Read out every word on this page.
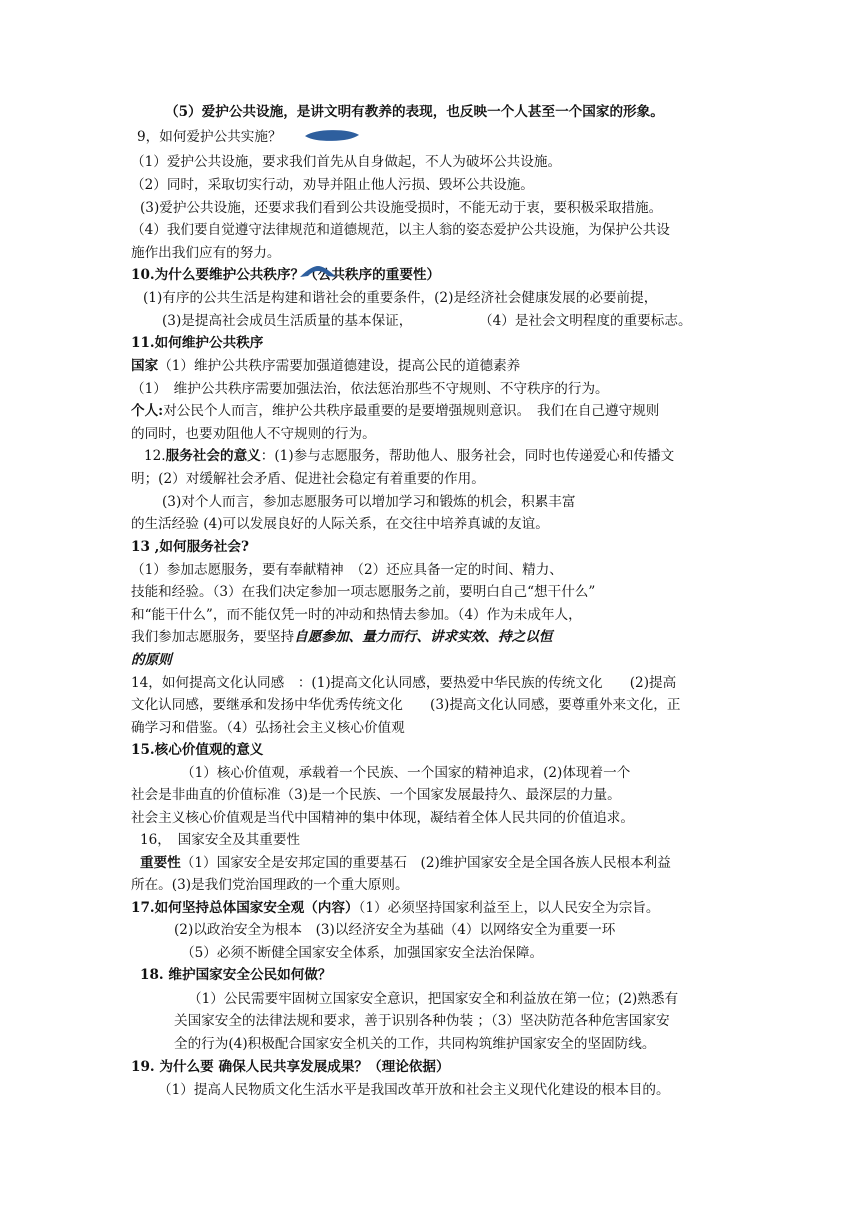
（5）爱护公共设施，是讲文明有教养的表现，也反映一个人甚至一个国家的形象。
9，如何爱护公共实施？
（1）爱护公共设施，要求我们首先从自身做起，不人为破坏公共设施。
（2）同时，采取切实行动，劝导并阻止他人污损、毁坏公共设施。
(3)爱护公共设施，还要求我们看到公共设施受损时，不能无动于衷，要积极采取措施。
（4）我们要自觉遵守法律规范和道德规范，以主人翁的姿态爱护公共设施，为保护公共设
施作出我们应有的努力。
10.为什么要维护公共秩序？（公共秩序的重要性）
(1)有序的公共生活是构建和谐社会的重要条件，(2)是经济社会健康发展的必要前提，
(3)是提高社会成员生活质量的基本保证，	（4）是社会文明程度的重要标志。
11.如何维护公共秩序
国家（1）维护公共秩序需要加强道德建设，提高公民的道德素养
（1）　维护公共秩序需要加强法治，依法惩治那些不守规则、不守秩序的行为。
个人:对公民个人而言，维护公共秩序最重要的是要增强规则意识。　我们在自己遵守规则
的同时，也要劝阻他人不守规则的行为。
12.服务社会的意义：(1)参与志愿服务，帮助他人、服务社会，同时也传递爱心和传播文
明；(2）对缓解社会矛盾、促进社会稳定有着重要的作用。
(3)对个人而言，参加志愿服务可以增加学习和锻炼的机会，积累丰富
的生活经验 (4)可以发展良好的人际关系，在交往中培养真诚的友谊。
13 ,如何服务社会?
（1）参加志愿服务，要有奉献精神　（2）还应具备一定的时间、精力、
技能和经验。（3）在我们决定参加一项志愿服务之前，要明白自己“想干什么”
和“能干什么”，而不能仅凭一时的冲动和热情去参加。（4）作为未成年人，
我们参加志愿服务，要坚持自愿参加、量力而行、讲求实效、持之以恒
的原则
14，如何提高文化认同感　：(1)提高文化认同感，要热爱中华民族的传统文化　　(2)提高
文化认同感，要继承和发扬中华优秀传统文化　　(3)提高文化认同感，要尊重外来文化，正
确学习和借鉴。（4）弘扬社会主义核心价值观
15.核心价值观的意义
（1）核心价值观，承载着一个民族、一个国家的精神追求，(2)体现着一个
社会是非曲直的价值标准（3)是一个民族、一个国家发展最持久、最深层的力量。
社会主义核心价值观是当代中国精神的集中体现，凝结着全体人民共同的价值追求。
16，　国家安全及其重要性
重要性（1）国家安全是安邦定国的重要基石　(2)维护国家安全是全国各族人民根本利益
所在。(3)是我们党治国理政的一个重大原则。
17.如何坚持总体国家安全观（内容）（1）必须坚持国家利益至上，以人民安全为宗旨。
(2)以政治安全为根本　(3)以经济安全为基础（4）以网络安全为重要一环
（5）必须不断健全国家安全体系，加强国家安全法治保障。
18. 维护国家安全公民如何做？
（1）公民需要牢固树立国家安全意识，把国家安全和利益放在第一位；(2)熟悉有
关国家安全的法律法规和要求，善于识别各种伪装 ；（3）坚决防范各种危害国家安
全的行为(4)积极配合国家安全机关的工作，共同构筑维护国家安全的坚固防线。
19. 为什么要 确保人民共享发展成果？（理论依据）
（1）提高人民物质文化生活水平是我国改革开放和社会主义现代化建设的根本目的。
